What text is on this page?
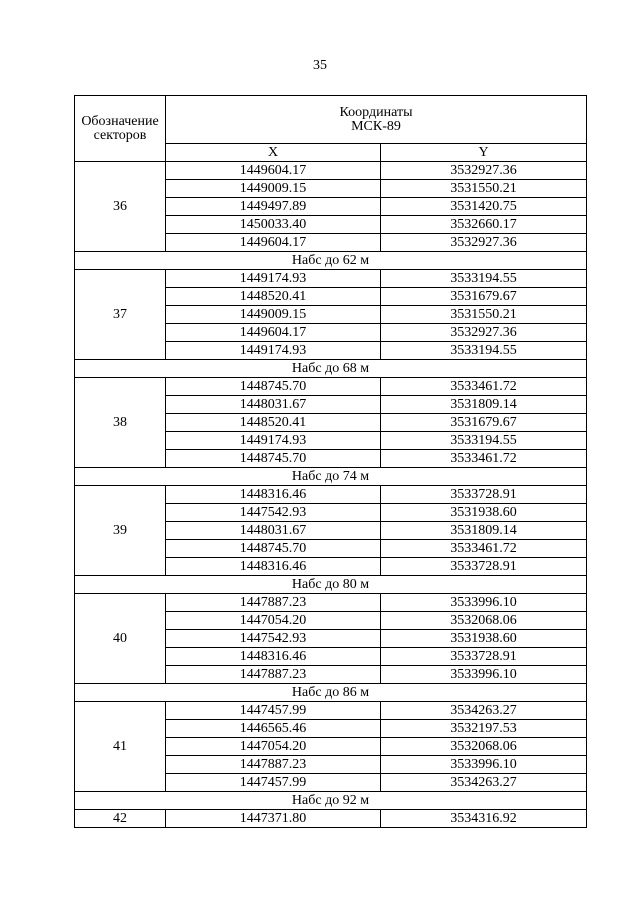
35
Обозначение секторов	Координаты
МСК-89	
	X	Y
36	1449604.17	3532927.36
	1449009.15	3531550.21
	1449497.89	3531420.75
	1450033.40	3532660.17
	1449604.17	3532927.36
Набс до 62 м		
37	1449174.93	3533194.55
	1448520.41	3531679.67
	1449009.15	3531550.21
	1449604.17	3532927.36
	1449174.93	3533194.55
Набс до 68 м		
38	1448745.70	3533461.72
	1448031.67	3531809.14
	1448520.41	3531679.67
	1449174.93	3533194.55
	1448745.70	3533461.72
Набс до 74 м		
39	1448316.46	3533728.91
	1447542.93	3531938.60
	1448031.67	3531809.14
	1448745.70	3533461.72
	1448316.46	3533728.91
Набс до 80 м		
40	1447887.23	3533996.10
	1447054.20	3532068.06
	1447542.93	3531938.60
	1448316.46	3533728.91
	1447887.23	3533996.10
Набс до 86 м		
41	1447457.99	3534263.27
	1446565.46	3532197.53
	1447054.20	3532068.06
	1447887.23	3533996.10
	1447457.99	3534263.27
Набс до 92 м		
42	1447371.80	3534316.92
